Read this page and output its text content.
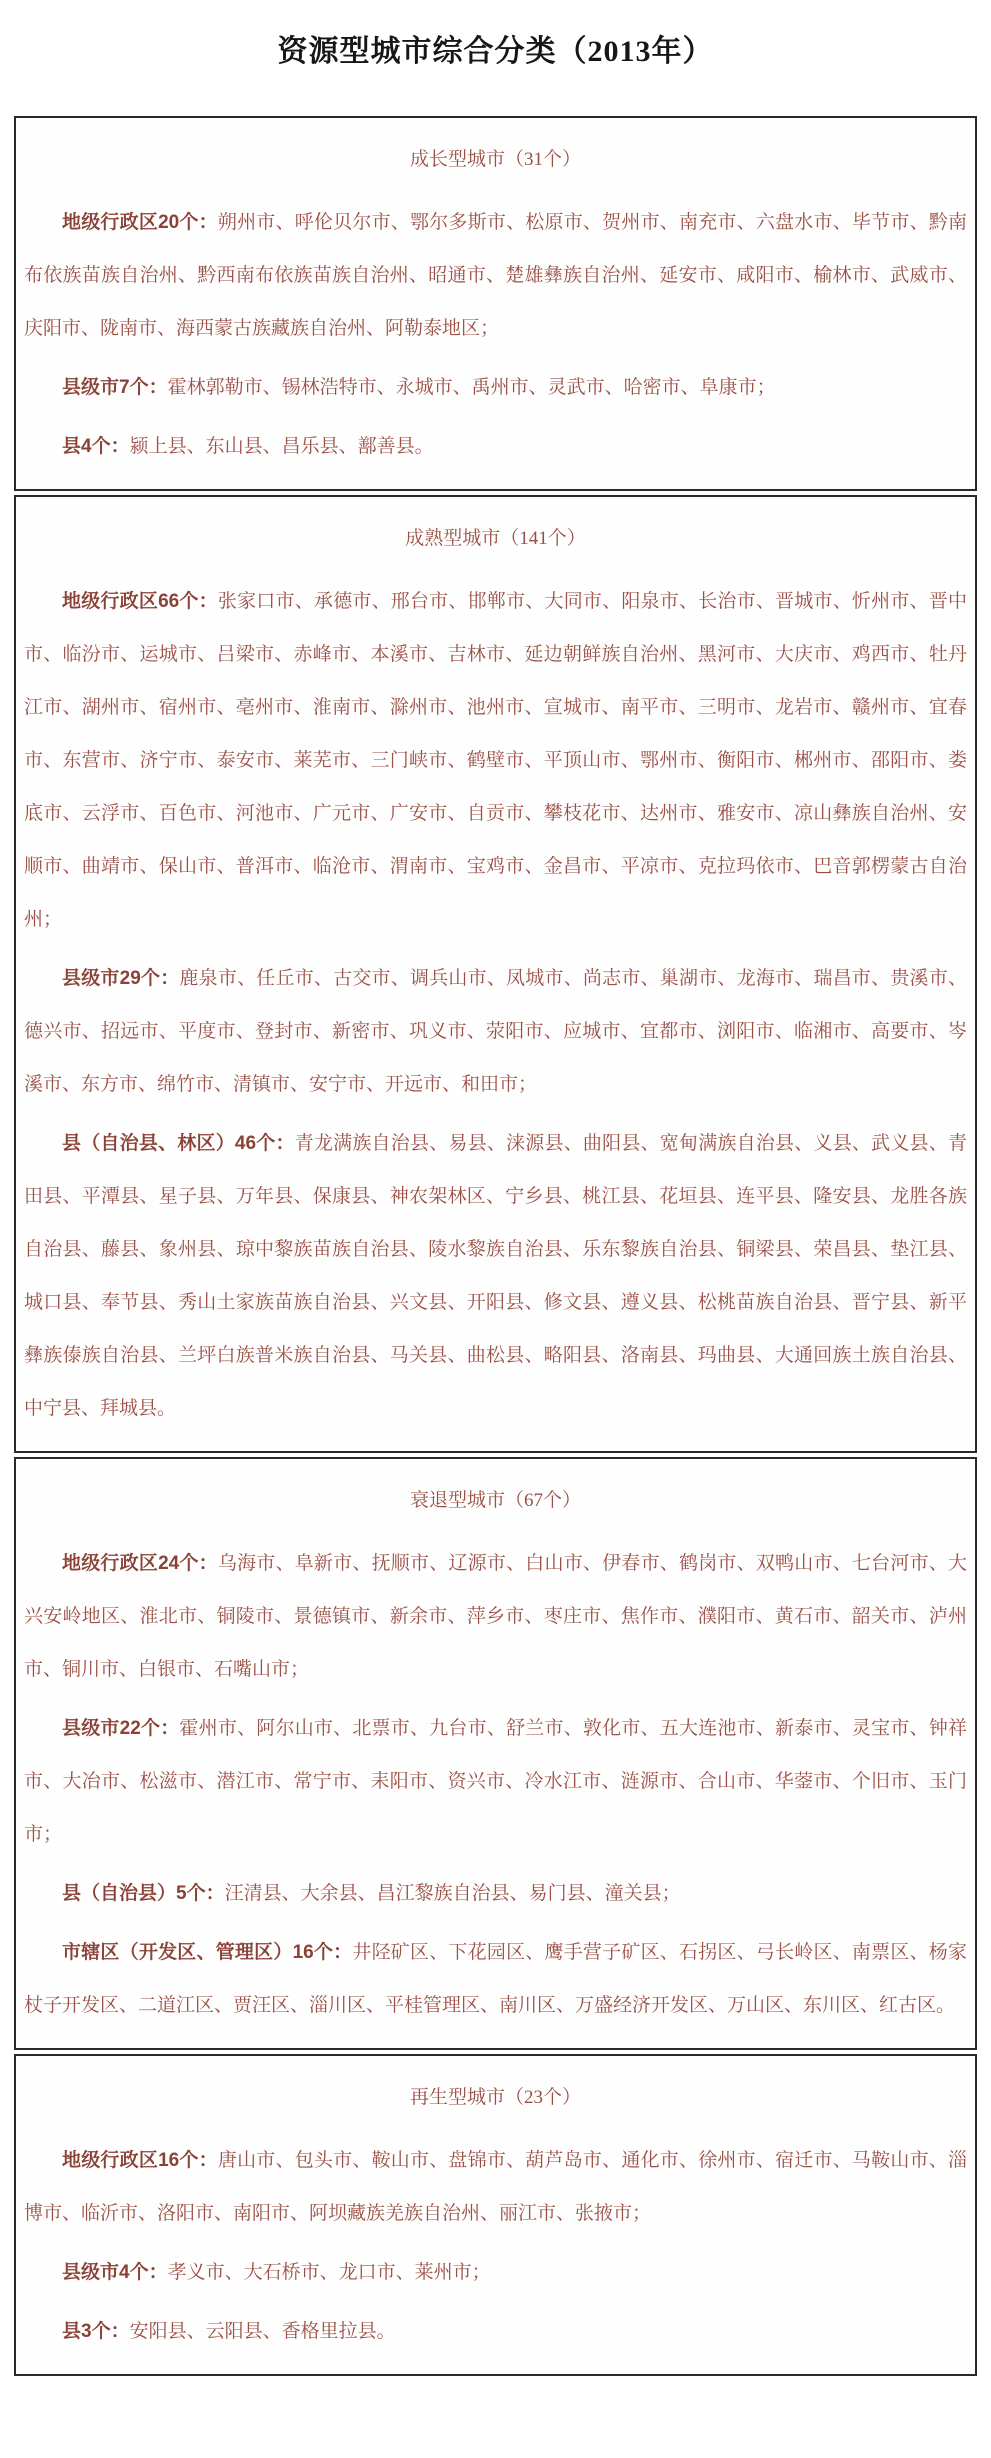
资源型城市综合分类（2013年）
成长型城市（31个）

地级行政区20个：朔州市、呼伦贝尔市、鄂尔多斯市、松原市、贺州市、南充市、六盘水市、毕节市、黔南布依族苗族自治州、黔西南布依族苗族自治州、昭通市、楚雄彝族自治州、延安市、咸阳市、榆林市、武威市、庆阳市、陇南市、海西蒙古族藏族自治州、阿勒泰地区；

县级市7个：霍林郭勒市、锡林浩特市、永城市、禹州市、灵武市、哈密市、阜康市；

县4个：颍上县、东山县、昌乐县、鄯善县。

成熟型城市（141个）

地级行政区66个：张家口市、承德市、邢台市、邯郸市、大同市、阳泉市、长治市、晋城市、忻州市、晋中市、临汾市、运城市、吕梁市、赤峰市、本溪市、吉林市、延边朝鲜族自治州、黑河市、大庆市、鸡西市、牡丹江市、湖州市、宿州市、亳州市、淮南市、滁州市、池州市、宣城市、南平市、三明市、龙岩市、赣州市、宜春市、东营市、济宁市、泰安市、莱芜市、三门峡市、鹤壁市、平顶山市、鄂州市、衡阳市、郴州市、邵阳市、娄底市、云浮市、百色市、河池市、广元市、广安市、自贡市、攀枝花市、达州市、雅安市、凉山彝族自治州、安顺市、曲靖市、保山市、普洱市、临沧市、渭南市、宝鸡市、金昌市、平凉市、克拉玛依市、巴音郭楞蒙古自治州；

县级市29个：鹿泉市、任丘市、古交市、调兵山市、凤城市、尚志市、巢湖市、龙海市、瑞昌市、贵溪市、德兴市、招远市、平度市、登封市、新密市、巩义市、荥阳市、应城市、宜都市、浏阳市、临湘市、高要市、岑溪市、东方市、绵竹市、清镇市、安宁市、开远市、和田市；

县（自治县、林区）46个：青龙满族自治县、易县、涞源县、曲阳县、宽甸满族自治县、义县、武义县、青田县、平潭县、星子县、万年县、保康县、神农架林区、宁乡县、桃江县、花垣县、连平县、隆安县、龙胜各族自治县、藤县、象州县、琼中黎族苗族自治县、陵水黎族自治县、乐东黎族自治县、铜梁县、荣昌县、垫江县、城口县、奉节县、秀山土家族苗族自治县、兴文县、开阳县、修文县、遵义县、松桃苗族自治县、晋宁县、新平彝族傣族自治县、兰坪白族普米族自治县、马关县、曲松县、略阳县、洛南县、玛曲县、大通回族土族自治县、中宁县、拜城县。

衰退型城市（67个）

地级行政区24个：乌海市、阜新市、抚顺市、辽源市、白山市、伊春市、鹤岗市、双鸭山市、七台河市、大兴安岭地区、淮北市、铜陵市、景德镇市、新余市、萍乡市、枣庄市、焦作市、濮阳市、黄石市、韶关市、泸州市、铜川市、白银市、石嘴山市；

县级市22个：霍州市、阿尔山市、北票市、九台市、舒兰市、敦化市、五大连池市、新泰市、灵宝市、钟祥市、大冶市、松滋市、潜江市、常宁市、耒阳市、资兴市、冷水江市、涟源市、合山市、华蓥市、个旧市、玉门市；

县（自治县）5个：汪清县、大余县、昌江黎族自治县、易门县、潼关县；

市辖区（开发区、管理区）16个：井陉矿区、下花园区、鹰手营子矿区、石拐区、弓长岭区、南票区、杨家杖子开发区、二道江区、贾汪区、淄川区、平桂管理区、南川区、万盛经济开发区、万山区、东川区、红古区。

再生型城市（23个）

地级行政区16个：唐山市、包头市、鞍山市、盘锦市、葫芦岛市、通化市、徐州市、宿迁市、马鞍山市、淄博市、临沂市、洛阳市、南阳市、阿坝藏族羌族自治州、丽江市、张掖市；

县级市4个：孝义市、大石桥市、龙口市、莱州市；

县3个：安阳县、云阳县、香格里拉县。
